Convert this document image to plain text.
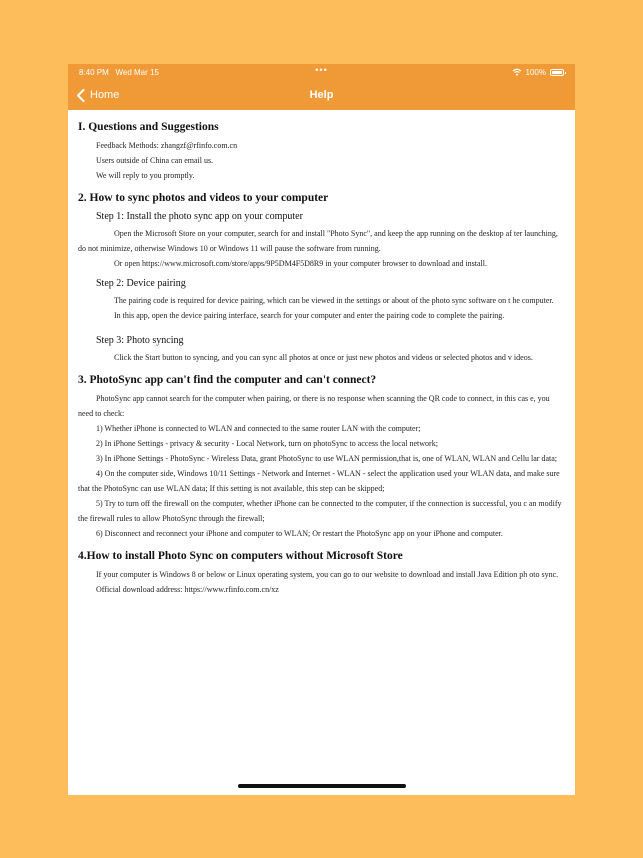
8:40 PM Wed Mar 15	•••	100%
Home	Help
I. Questions and Suggestions

Feedback Methods: zhangzf@rfinfo.com.cn

Users outside of China can email us.

We will reply to you promptly.

2. How to sync photos and videos to your computer
Step 1: Install the photo sync app on your computer

Open the Microsoft Store on your computer, search for and install "Photo Sync", and keep the app running on the desktop af ter launching, do not minimize, otherwise Windows 10 or Windows 11 will pause the software from running.

Or open https://www.microsoft.com/store/apps/9P5DM4F5D8R9 in your computer browser to download and install.

Step 2: Device pairing

The pairing code is required for device pairing, which can be viewed in the settings or about of the photo sync software on t he computer.

In this app, open the device pairing interface, search for your computer and enter the pairing code to complete the pairing.

Step 3: Photo syncing

Click the Start button to syncing, and you can sync all photos at once or just new photos and videos or selected photos and v ideos.

3. PhotoSync app can't find the computer and can't connect?

PhotoSync app cannot search for the computer when pairing, or there is no response when scanning the QR code to connect, in this cas e, you need to check:

1) Whether iPhone is connected to WLAN and connected to the same router LAN with the computer;

2) In iPhone Settings - privacy & security - Local Network, turn on photoSync to access the local network;

3) In iPhone Settings - PhotoSync - Wireless Data, grant PhotoSync to use WLAN permission,that is, one of WLAN, WLAN and Cellu lar data;

4) On the computer side, Windows 10/11 Settings - Network and Internet - WLAN - select the application used your WLAN data, and make sure that the PhotoSync can use WLAN data; If this setting is not available, this step can be skipped;

5) Try to turn off the firewall on the computer, whether iPhone can be connected to the computer, if the connection is successful, you c an modify the firewall rules to allow PhotoSync through the firewall;

6) Disconnect and reconnect your iPhone and computer to WLAN; Or restart the PhotoSync app on your iPhone and computer.

4.How to install Photo Sync on computers without Microsoft Store

If your computer is Windows 8 or below or Linux operating system, you can go to our website to download and install Java Edition ph oto sync.

Official download address: https://www.rfinfo.com.cn/xz
